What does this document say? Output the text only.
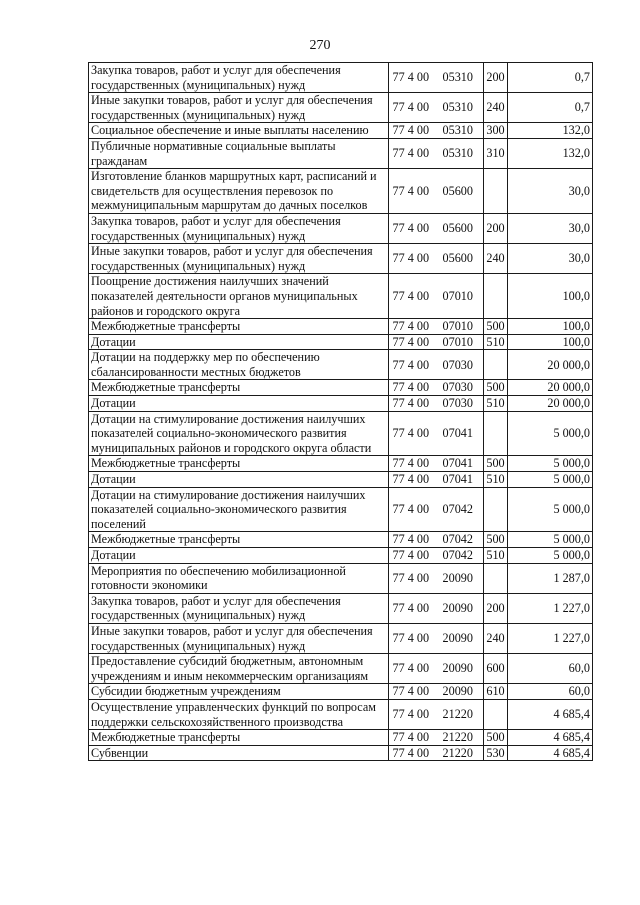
270
Закупка товаров, работ и услуг для обеспечения государственных (муниципальных) нужд	77 4 00	05310	200	0,7
Иные закупки товаров, работ и услуг для обеспечения государственных (муниципальных) нужд	77 4 00	05310	240	0,7
Социальное обеспечение и иные выплаты населению	77 4 00	05310	300	132,0
Публичные нормативные социальные выплаты гражданам	77 4 00	05310	310	132,0
Изготовление бланков маршрутных карт, расписаний и свидетельств для осуществления перевозок по межмуниципальным маршрутам до дачных поселков	77 4 00	05600		30,0
Закупка товаров, работ и услуг для обеспечения государственных (муниципальных) нужд	77 4 00	05600	200	30,0
Иные закупки товаров, работ и услуг для обеспечения государственных (муниципальных) нужд	77 4 00	05600	240	30,0
Поощрение достижения наилучших значений показателей деятельности органов муниципальных районов и городского округа	77 4 00	07010		100,0
Межбюджетные трансферты	77 4 00	07010	500	100,0
Дотации	77 4 00	07010	510	100,0
Дотации на поддержку мер по обеспечению сбалансированности местных бюджетов	77 4 00	07030		20 000,0
Межбюджетные трансферты	77 4 00	07030	500	20 000,0
Дотации	77 4 00	07030	510	20 000,0
Дотации на стимулирование достижения наилучших показателей социально-экономического развития муниципальных районов и городского округа области	77 4 00	07041		5 000,0
Межбюджетные трансферты	77 4 00	07041	500	5 000,0
Дотации	77 4 00	07041	510	5 000,0
Дотации на стимулирование достижения наилучших показателей социально-экономического развития поселений	77 4 00	07042		5 000,0
Межбюджетные трансферты	77 4 00	07042	500	5 000,0
Дотации	77 4 00	07042	510	5 000,0
Мероприятия по обеспечению мобилизационной готовности экономики	77 4 00	20090		1 287,0
Закупка товаров, работ и услуг для обеспечения государственных (муниципальных) нужд	77 4 00	20090	200	1 227,0
Иные закупки товаров, работ и услуг для обеспечения государственных (муниципальных) нужд	77 4 00	20090	240	1 227,0
Предоставление субсидий бюджетным, автономным учреждениям и иным некоммерческим организациям	77 4 00	20090	600	60,0
Субсидии бюджетным учреждениям	77 4 00	20090	610	60,0
Осуществление управленческих функций по вопросам поддержки сельскохозяйственного производства	77 4 00	21220		4 685,4
Межбюджетные трансферты	77 4 00	21220	500	4 685,4
Субвенции	77 4 00	21220	530	4 685,4
